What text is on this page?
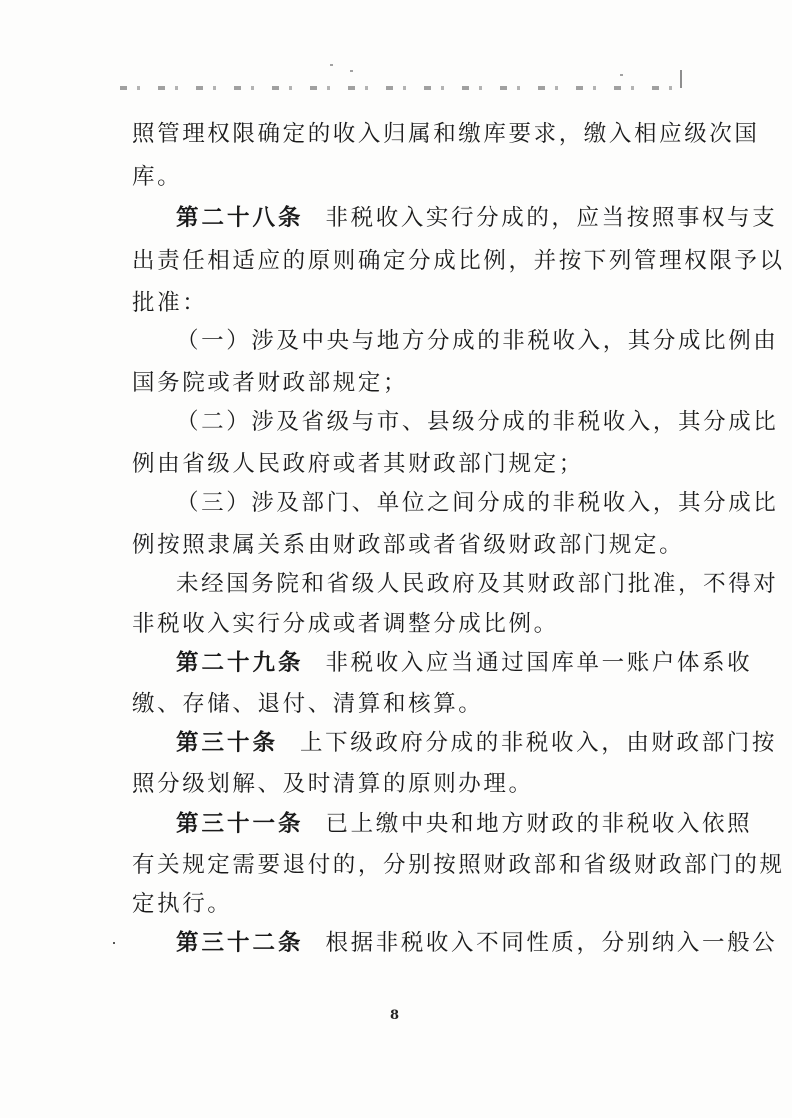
照管理权限确定的收入归属和缴库要求，缴入相应级次国
库。
第二十八条 非税收入实行分成的，应当按照事权与支
出责任相适应的原则确定分成比例，并按下列管理权限予以
批准：
（一）涉及中央与地方分成的非税收入，其分成比例由
国务院或者财政部规定；
（二）涉及省级与市、县级分成的非税收入，其分成比
例由省级人民政府或者其财政部门规定；
（三）涉及部门、单位之间分成的非税收入，其分成比
例按照隶属关系由财政部或者省级财政部门规定。
未经国务院和省级人民政府及其财政部门批准，不得对
非税收入实行分成或者调整分成比例。
第二十九条 非税收入应当通过国库单一账户体系收
缴、存储、退付、清算和核算。
第三十条 上下级政府分成的非税收入，由财政部门按
照分级划解、及时清算的原则办理。
第三十一条 已上缴中央和地方财政的非税收入依照
有关规定需要退付的，分别按照财政部和省级财政部门的规
定执行。
第三十二条 根据非税收入不同性质，分别纳入一般公
8
